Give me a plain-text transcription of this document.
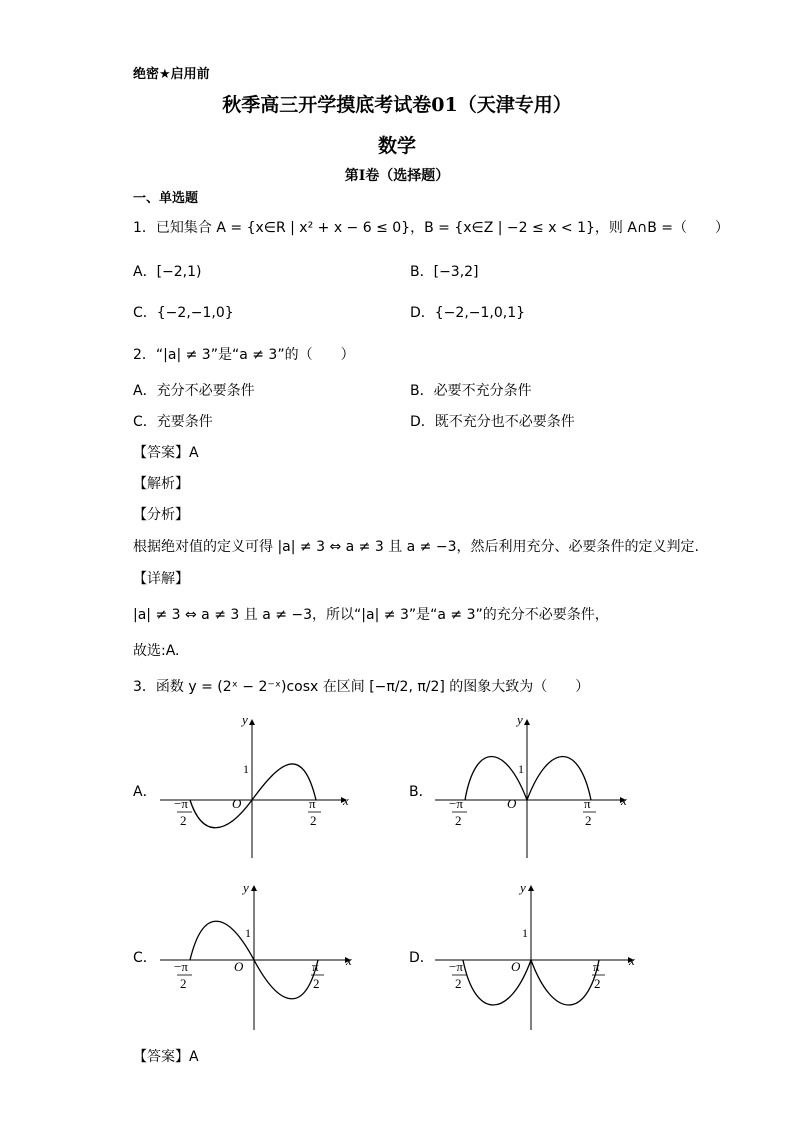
绝密★启用前
秋季高三开学摸底考试卷01（天津专用）
数学
第Ⅰ卷（选择题）
一、单选题
1．已知集合 A = {x∈R | x² + x − 6 ≤ 0}，B = {x∈Z | −2 ≤ x < 1}，则 A∩B =（　　）
A．[−2,1)	B．[−3,2]
C．{−2,−1,0}	D．{−2,−1,0,1}
2．“|a| ≠ 3”是“a ≠ 3”的（　　）
A．充分不必要条件	B．必要不充分条件
C．充要条件	D．既不充分也不必要条件
【答案】A
【解析】
【分析】
根据绝对值的定义可得 |a| ≠ 3 ⇔ a ≠ 3 且 a ≠ −3，然后利用充分、必要条件的定义判定.
【详解】
|a| ≠ 3 ⇔ a ≠ 3 且 a ≠ −3，所以“|a| ≠ 3”是“a ≠ 3”的充分不必要条件，
故选:A.
3．函数 y = (2ˣ − 2⁻ˣ)cosx 在区间 [−π/2, π/2] 的图象大致为（　　）
A．
y
x
O
1
−π
2
π
2
B．
y
x
O
1
−π
2
π
2
C．
y
x
O
1
−π
2
π
2
D．
y
x
O
1
−π
2
π
2
【答案】A
